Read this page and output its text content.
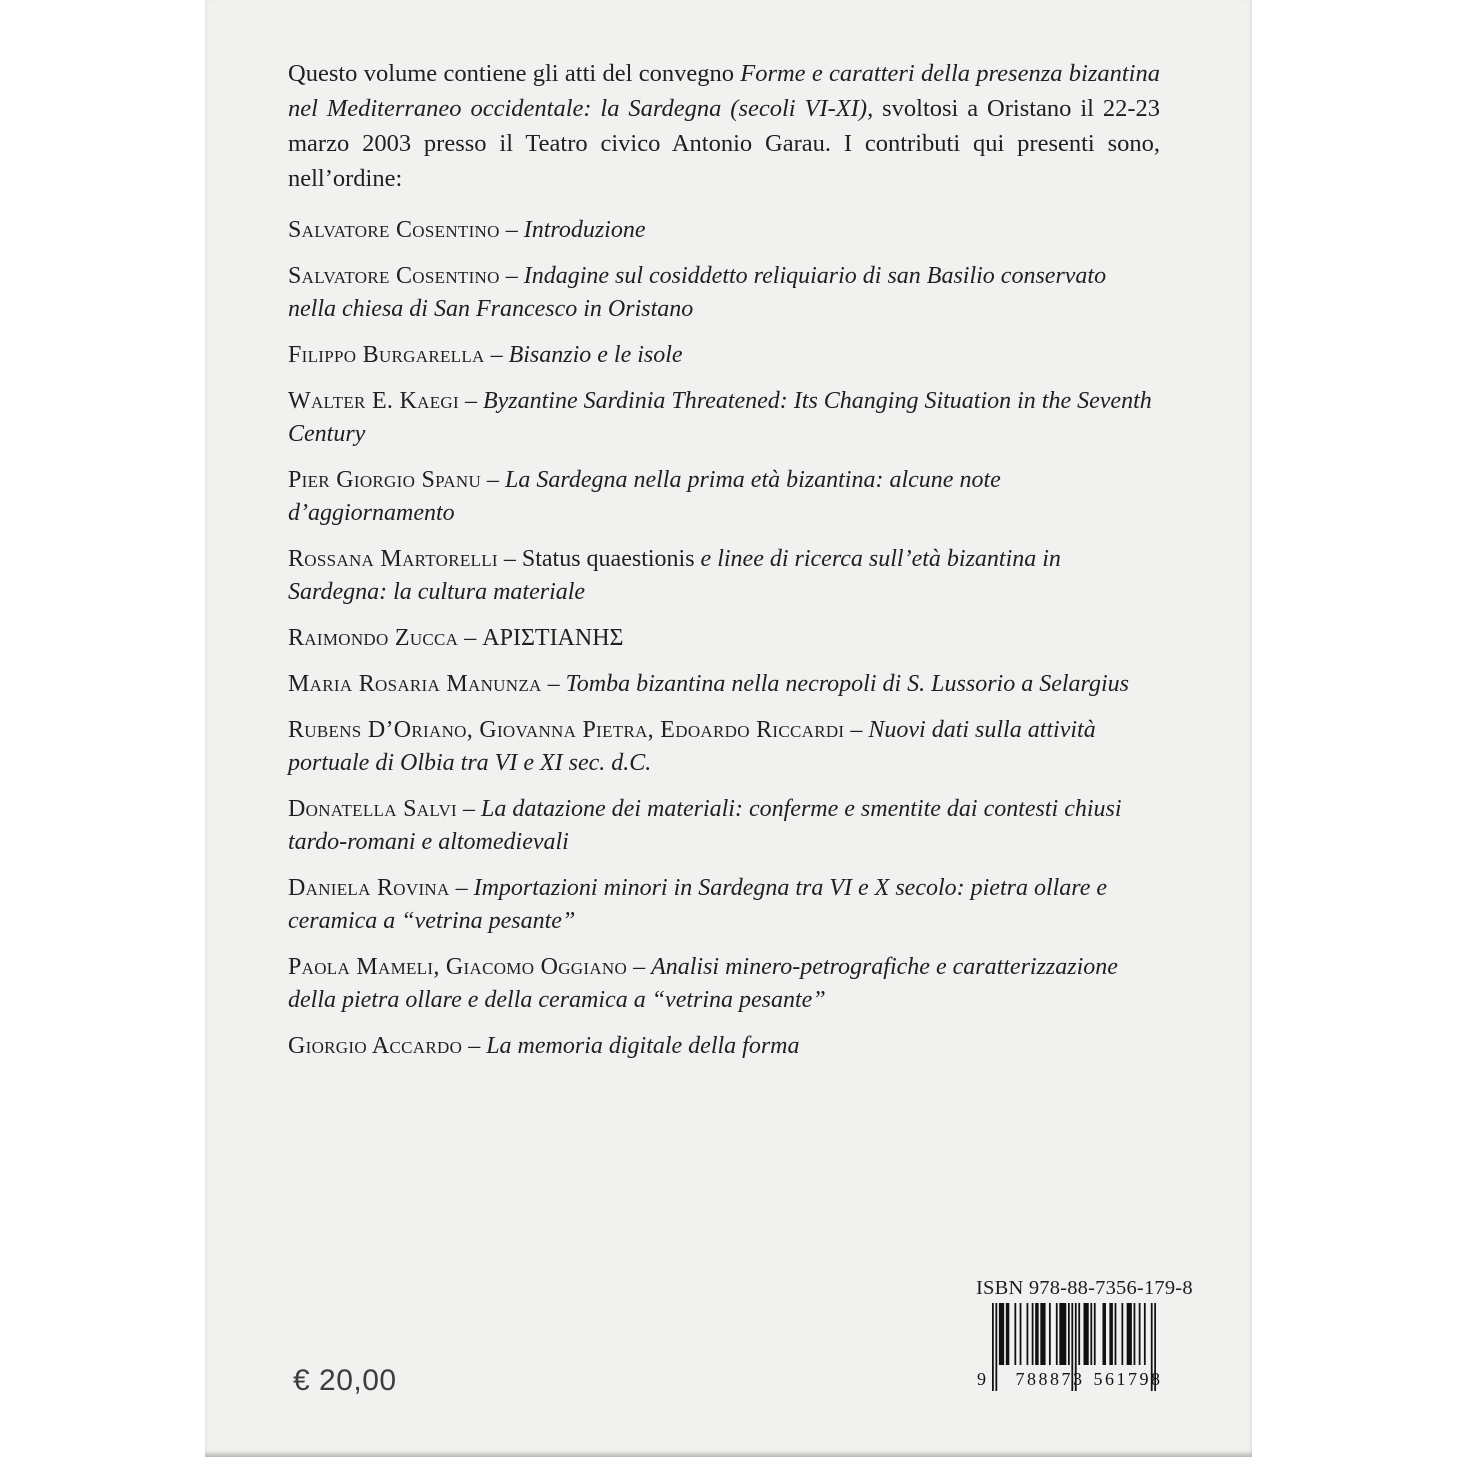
Questo volume contiene gli atti del convegno Forme e caratteri della presenza bizantina nel Mediterraneo occidentale: la Sardegna (secoli VI-XI), svoltosi a Oristano il 22-23 marzo 2003 presso il Teatro civico Antonio Garau. I contributi qui presenti sono, nell’ordine:

Salvatore Cosentino – Introduzione
Salvatore Cosentino – Indagine sul cosiddetto reliquiario di san Basilio conservato nella chiesa di San Francesco in Oristano
Filippo Burgarella – Bisanzio e le isole
Walter E. Kaegi – Byzantine Sardinia Threatened: Its Changing Situation in the Seventh Century
Pier Giorgio Spanu – La Sardegna nella prima età bizantina: alcune note d’aggiornamento
Rossana Martorelli – Status quaestionis e linee di ricerca sull’età bizantina in Sardegna: la cultura materiale
Raimondo Zucca – ΑΡΙΣΤΙΑΝΗΣ
Maria Rosaria Manunza – Tomba bizantina nella necropoli di S. Lussorio a Selargius
Rubens D’Oriano, Giovanna Pietra, Edoardo Riccardi – Nuovi dati sulla attività portuale di Olbia tra VI e XI sec. d.C.
Donatella Salvi – La datazione dei materiali: conferme e smentite dai contesti chiusi tardo-romani e altomedievali
Daniela Rovina – Importazioni minori in Sardegna tra VI e X secolo: pietra ollare e ceramica a “vetrina pesante”
Paola Mameli, Giacomo Oggiano – Analisi minero-petrografiche e caratterizzazione della pietra ollare e della ceramica a “vetrina pesante”
Giorgio Accardo – La memoria digitale della forma
€ 20,00
ISBN 978-88-7356-179-8
9 788873 561798
